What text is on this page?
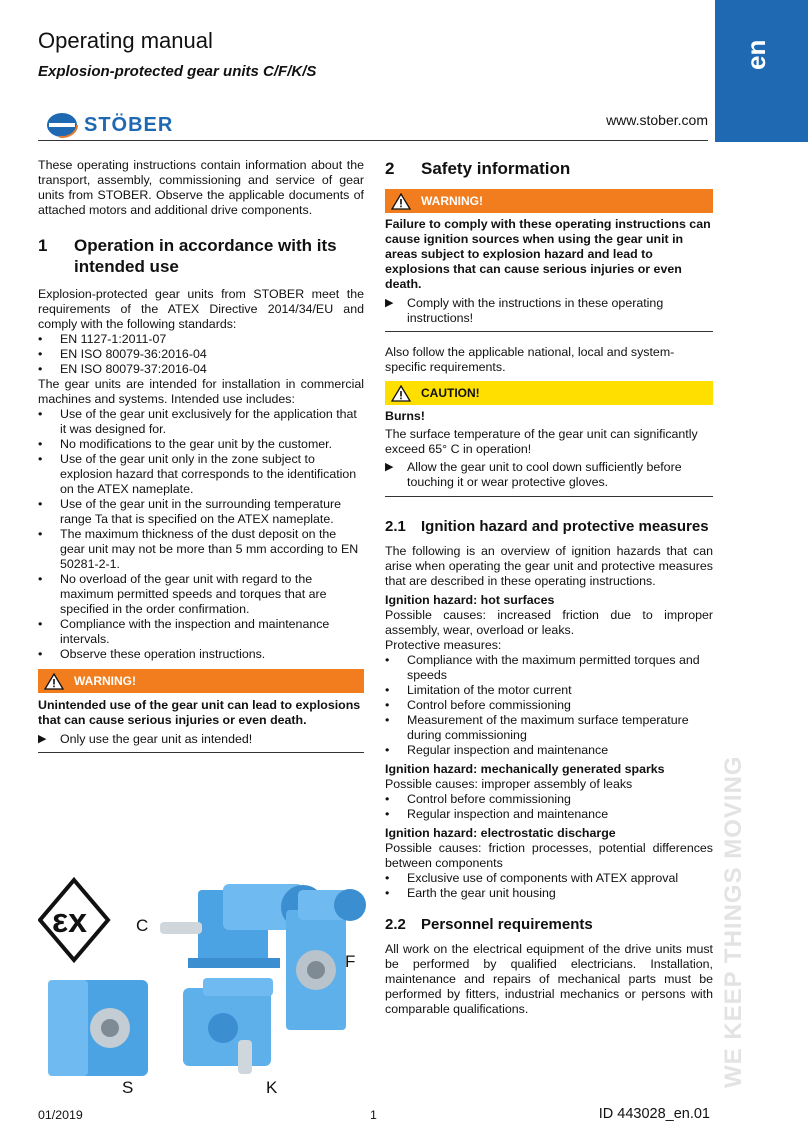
Operating manual
Explosion-protected gear units C/F/K/S
en
STÖBER	www.stober.com

These operating instructions contain information about the transport, assembly, commissioning and service of gear units from STOBER. Observe the applicable documents of attached motors and additional drive components.

1	Operation in accordance with its intended use

Explosion-protected gear units from STOBER meet the requirements of the ATEX Directive 2014/34/EU and comply with the following standards:

• EN 1127-1:2011-07
• EN ISO 80079-36:2016-04
• EN ISO 80079-37:2016-04

The gear units are intended for installation in commercial machines and systems. Intended use includes:

• Use of the gear unit exclusively for the application that it was designed for.
• No modifications to the gear unit by the customer.
• Use of the gear unit only in the zone subject to explosion hazard that corresponds to the identification on the ATEX nameplate.
• Use of the gear unit in the surrounding temperature range Ta that is specified on the ATEX nameplate.
• The maximum thickness of the dust deposit on the gear unit may not be more than 5 mm according to EN 50281-2-1.
• No overload of the gear unit with regard to the maximum permitted speeds and torques that are specified in the order confirmation.
• Compliance with the inspection and maintenance intervals.
• Observe these operation instructions.
WARNING!

Unintended use of the gear unit can lead to explosions that can cause serious injuries or even death.

▶	Only use the gear unit as intended!
εx	C
F
S	K
2	Safety information
WARNING!

Failure to comply with these operating instructions can cause ignition sources when using the gear unit in areas subject to explosion hazard and lead to explosions that can cause serious injuries or even death.

▶	Comply with the instructions in these operating instructions!

Also follow the applicable national, local and system-specific requirements.

CAUTION!

Burns!

The surface temperature of the gear unit can significantly exceed 65° C in operation!

▶	Allow the gear unit to cool down sufficiently before touching it or wear protective gloves.
2.1	Ignition hazard and protective measures

The following is an overview of ignition hazards that can arise when operating the gear unit and protective measures that are described in these operating instructions.

Ignition hazard: hot surfaces

Possible causes: increased friction due to improper assembly, wear, overload or leaks.

Protective measures:

• Compliance with the maximum permitted torques and speeds
• Limitation of the motor current
• Control before commissioning
• Measurement of the maximum surface temperature during commissioning
• Regular inspection and maintenance

Ignition hazard: mechanically generated sparks

Possible causes: improper assembly of leaks

• Control before commissioning
• Regular inspection and maintenance

Ignition hazard: electrostatic discharge

Possible causes: friction processes, potential differences between components

• Exclusive use of components with ATEX approval
• Earth the gear unit housing
2.2	Personnel requirements

All work on the electrical equipment of the drive units must be performed by qualified electricians. Installation, maintenance and repairs of mechanical parts must be performed by fitters, industrial mechanics or persons with comparable qualifications.	WE KEEP THINGS MOVING
01/2019	1	ID 443028_en.01
